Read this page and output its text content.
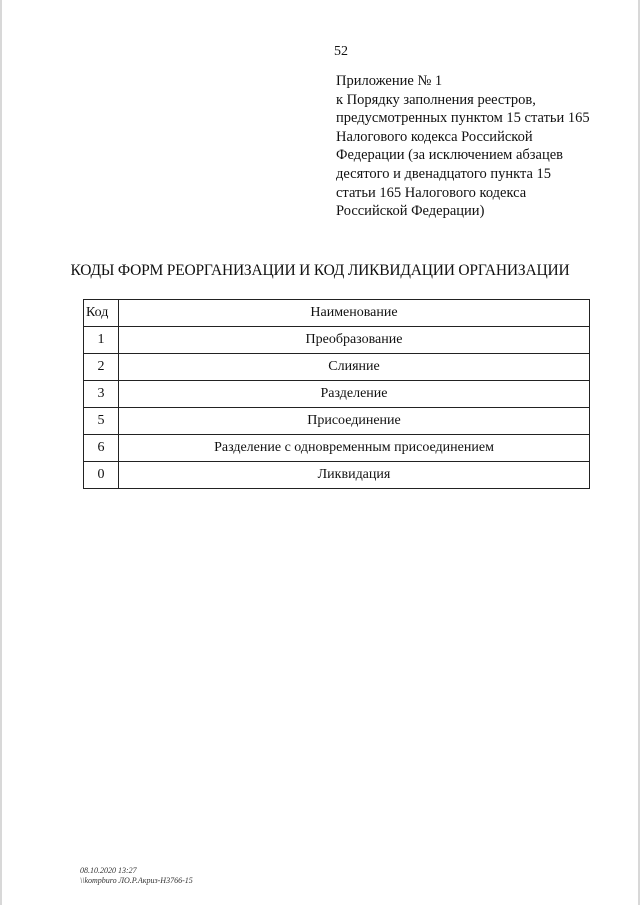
52
Приложение № 1
к Порядку заполнения реестров,
предусмотренных пунктом 15 статьи 165
Налогового кодекса Российской
Федерации (за исключением абзацев
десятого и двенадцатого пункта 15
статьи 165 Налогового кодекса
Российской Федерации)
КОДЫ ФОРМ РЕОРГАНИЗАЦИИ И КОД ЛИКВИДАЦИИ ОРГАНИЗАЦИИ
Код	Наименование
1	Преобразование
2	Слияние
3	Разделение
5	Присоединение
6	Разделение с одновременным присоединением
0	Ликвидация
08.10.2020 13:27
\\kompburo ЛО.Р.Акриз-Н3766-15
